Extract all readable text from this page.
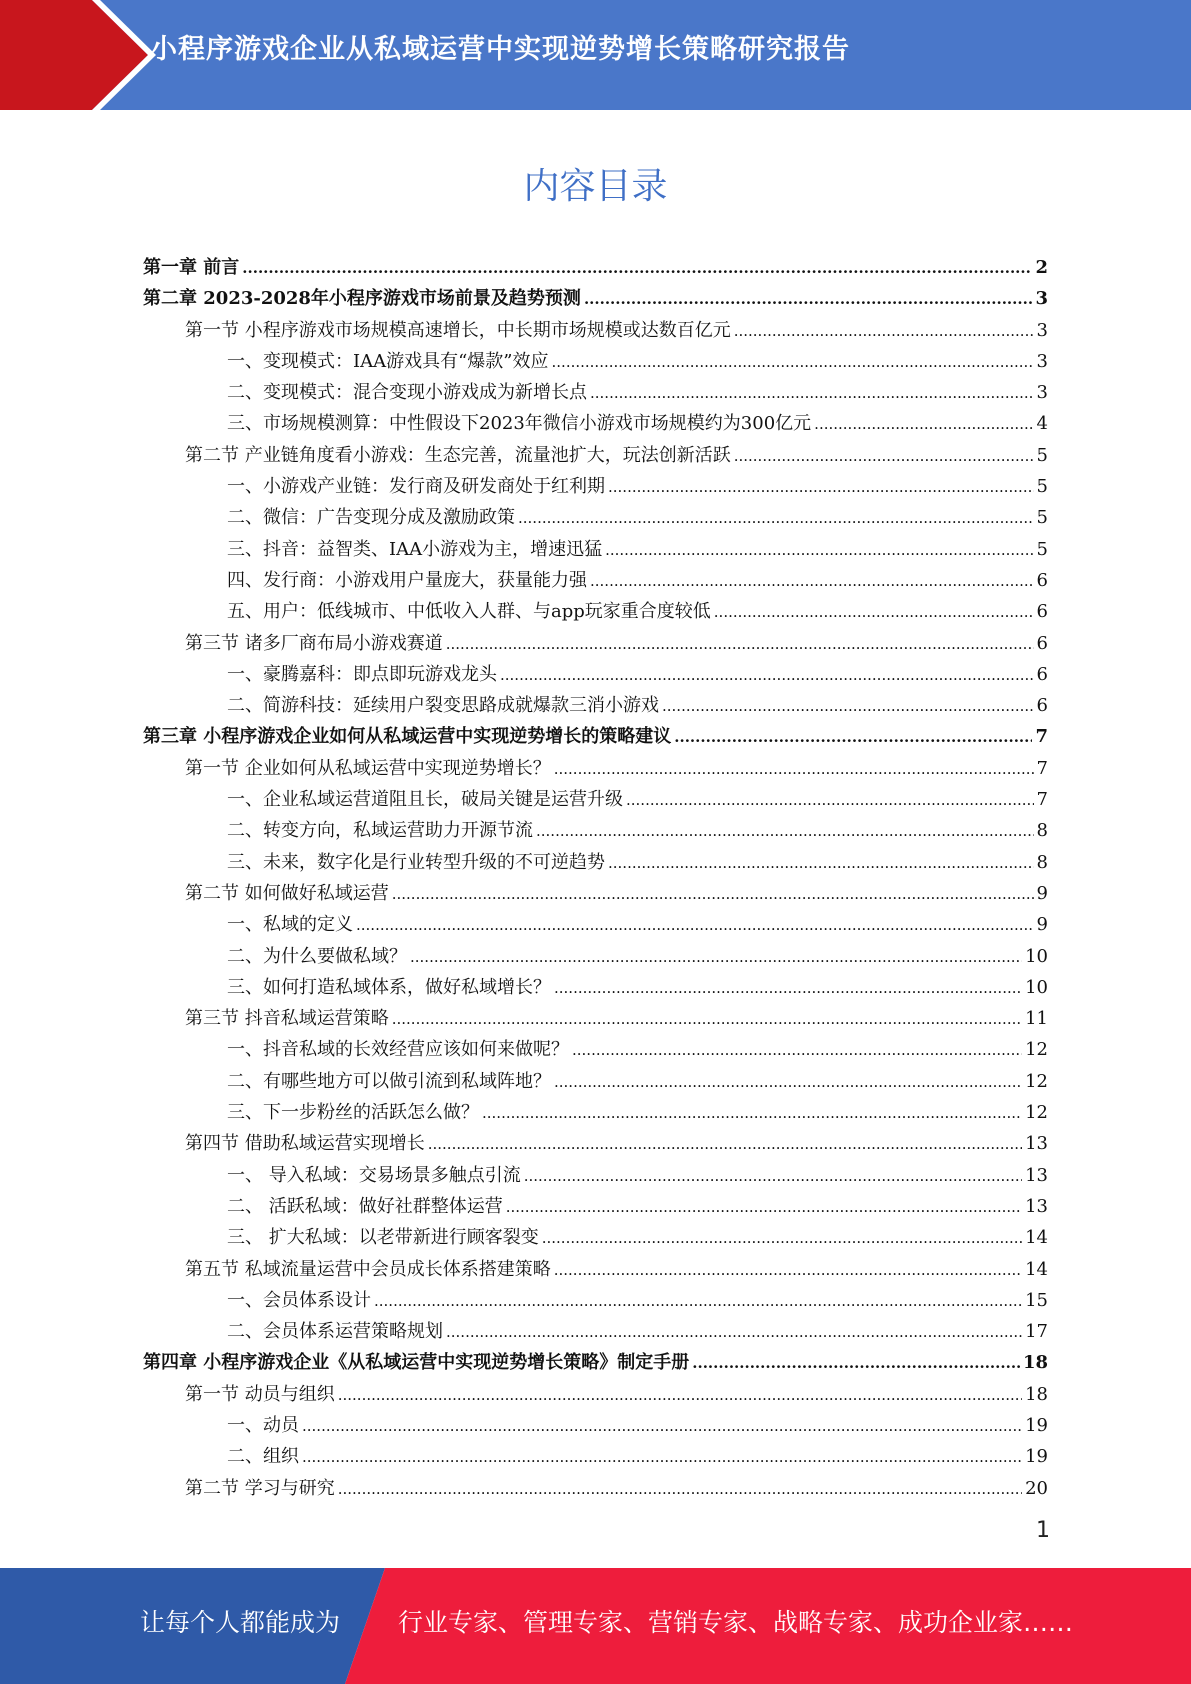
小程序游戏企业从私域运营中实现逆势增长策略研究报告
内容目录
第一章 前言 .....	2
第二章 2023-2028年小程序游戏市场前景及趋势预测 .....	3
第一节 小程序游戏市场规模高速增长，中长期市场规模或达数百亿元 .....	3
一、变现模式：IAA游戏具有“爆款”效应 .....	3
二、变现模式：混合变现小游戏成为新增长点 .....	3
三、市场规模测算：中性假设下2023年微信小游戏市场规模约为300亿元 .....	4
第二节 产业链角度看小游戏：生态完善，流量池扩大，玩法创新活跃 .....	5
一、小游戏产业链：发行商及研发商处于红利期 .....	5
二、微信：广告变现分成及激励政策 .....	5
三、抖音：益智类、IAA小游戏为主，增速迅猛 .....	5
四、发行商：小游戏用户量庞大，获量能力强 .....	6
五、用户：低线城市、中低收入人群、与app玩家重合度较低 .....	6
第三节 诸多厂商布局小游戏赛道 .....	6
一、豪腾嘉科：即点即玩游戏龙头 .....	6
二、简游科技：延续用户裂变思路成就爆款三消小游戏 .....	6
第三章 小程序游戏企业如何从私域运营中实现逆势增长的策略建议 .....	7
第一节 企业如何从私域运营中实现逆势增长？ .....	7
一、企业私域运营道阻且长，破局关键是运营升级 .....	7
二、转变方向，私域运营助力开源节流 .....	8
三、未来，数字化是行业转型升级的不可逆趋势 .....	8
第二节 如何做好私域运营 .....	9
一、私域的定义 .....	9
二、为什么要做私域？ .....	10
三、如何打造私域体系，做好私域增长？ .....	10
第三节 抖音私域运营策略 .....	11
一、抖音私域的长效经营应该如何来做呢？ .....	12
二、有哪些地方可以做引流到私域阵地？ .....	12
三、下一步粉丝的活跃怎么做？ .....	12
第四节 借助私域运营实现增长 .....	13
一、 导入私域：交易场景多触点引流 .....	13
二、 活跃私域：做好社群整体运营 .....	13
三、 扩大私域：以老带新进行顾客裂变 .....	14
第五节 私域流量运营中会员成长体系搭建策略 .....	14
一、会员体系设计 .....	15
二、会员体系运营策略规划 .....	17
第四章 小程序游戏企业《从私域运营中实现逆势增长策略》制定手册 .....	18
第一节 动员与组织 .....	18
一、动员 .....	19
二、组织 .....	19
第二节 学习与研究 .....	20
1
让每个人都能成为 行业专家、管理专家、营销专家、战略专家、成功企业家……
